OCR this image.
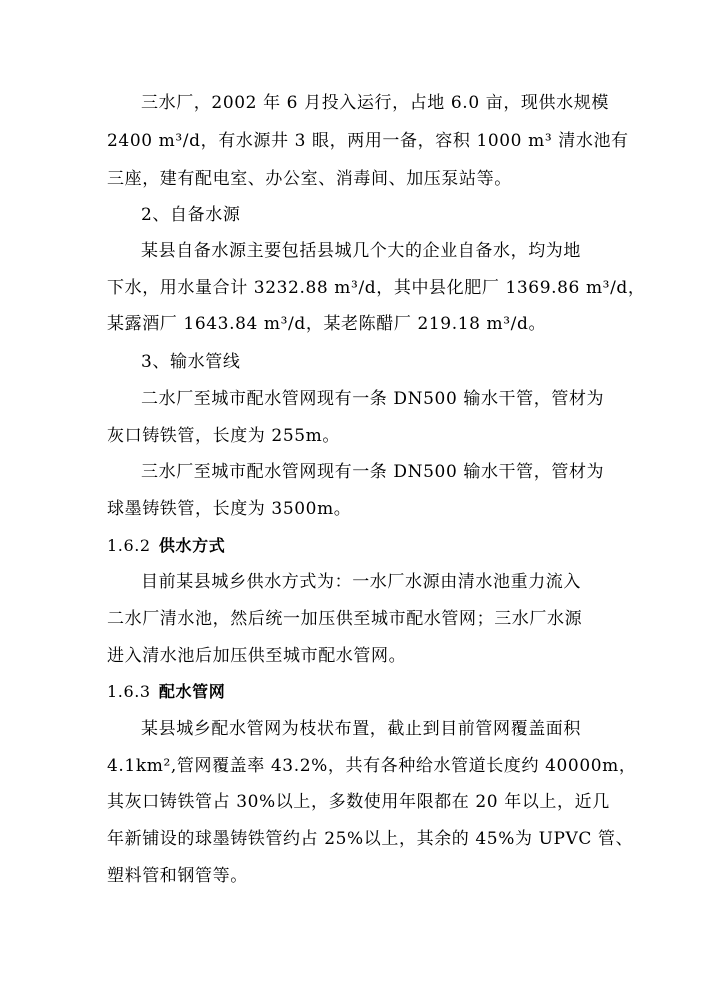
三水厂，2002 年 6 月投入运行，占地 6.0 亩，现供水规模
2400 m³/d，有水源井 3 眼，两用一备，容积 1000 m³ 清水池有
三座，建有配电室、办公室、消毒间、加压泵站等。
2、自备水源
某县自备水源主要包括县城几个大的企业自备水，均为地
下水，用水量合计 3232.88 m³/d，其中县化肥厂 1369.86 m³/d，
某露酒厂 1643.84 m³/d，某老陈醋厂 219.18 m³/d。
3、输水管线
二水厂至城市配水管网现有一条 DN500 输水干管，管材为
灰口铸铁管，长度为 255m。
三水厂至城市配水管网现有一条 DN500 输水干管，管材为
球墨铸铁管，长度为 3500m。
1.6.2 供水方式
目前某县城乡供水方式为：一水厂水源由清水池重力流入
二水厂清水池，然后统一加压供至城市配水管网；三水厂水源
进入清水池后加压供至城市配水管网。
1.6.3 配水管网
某县城乡配水管网为枝状布置，截止到目前管网覆盖面积
4.1km²,管网覆盖率 43.2%，共有各种给水管道长度约 40000m，
其灰口铸铁管占 30%以上，多数使用年限都在 20 年以上，近几
年新铺设的球墨铸铁管约占 25%以上，其余的 45%为 UPVC 管、
塑料管和钢管等。
